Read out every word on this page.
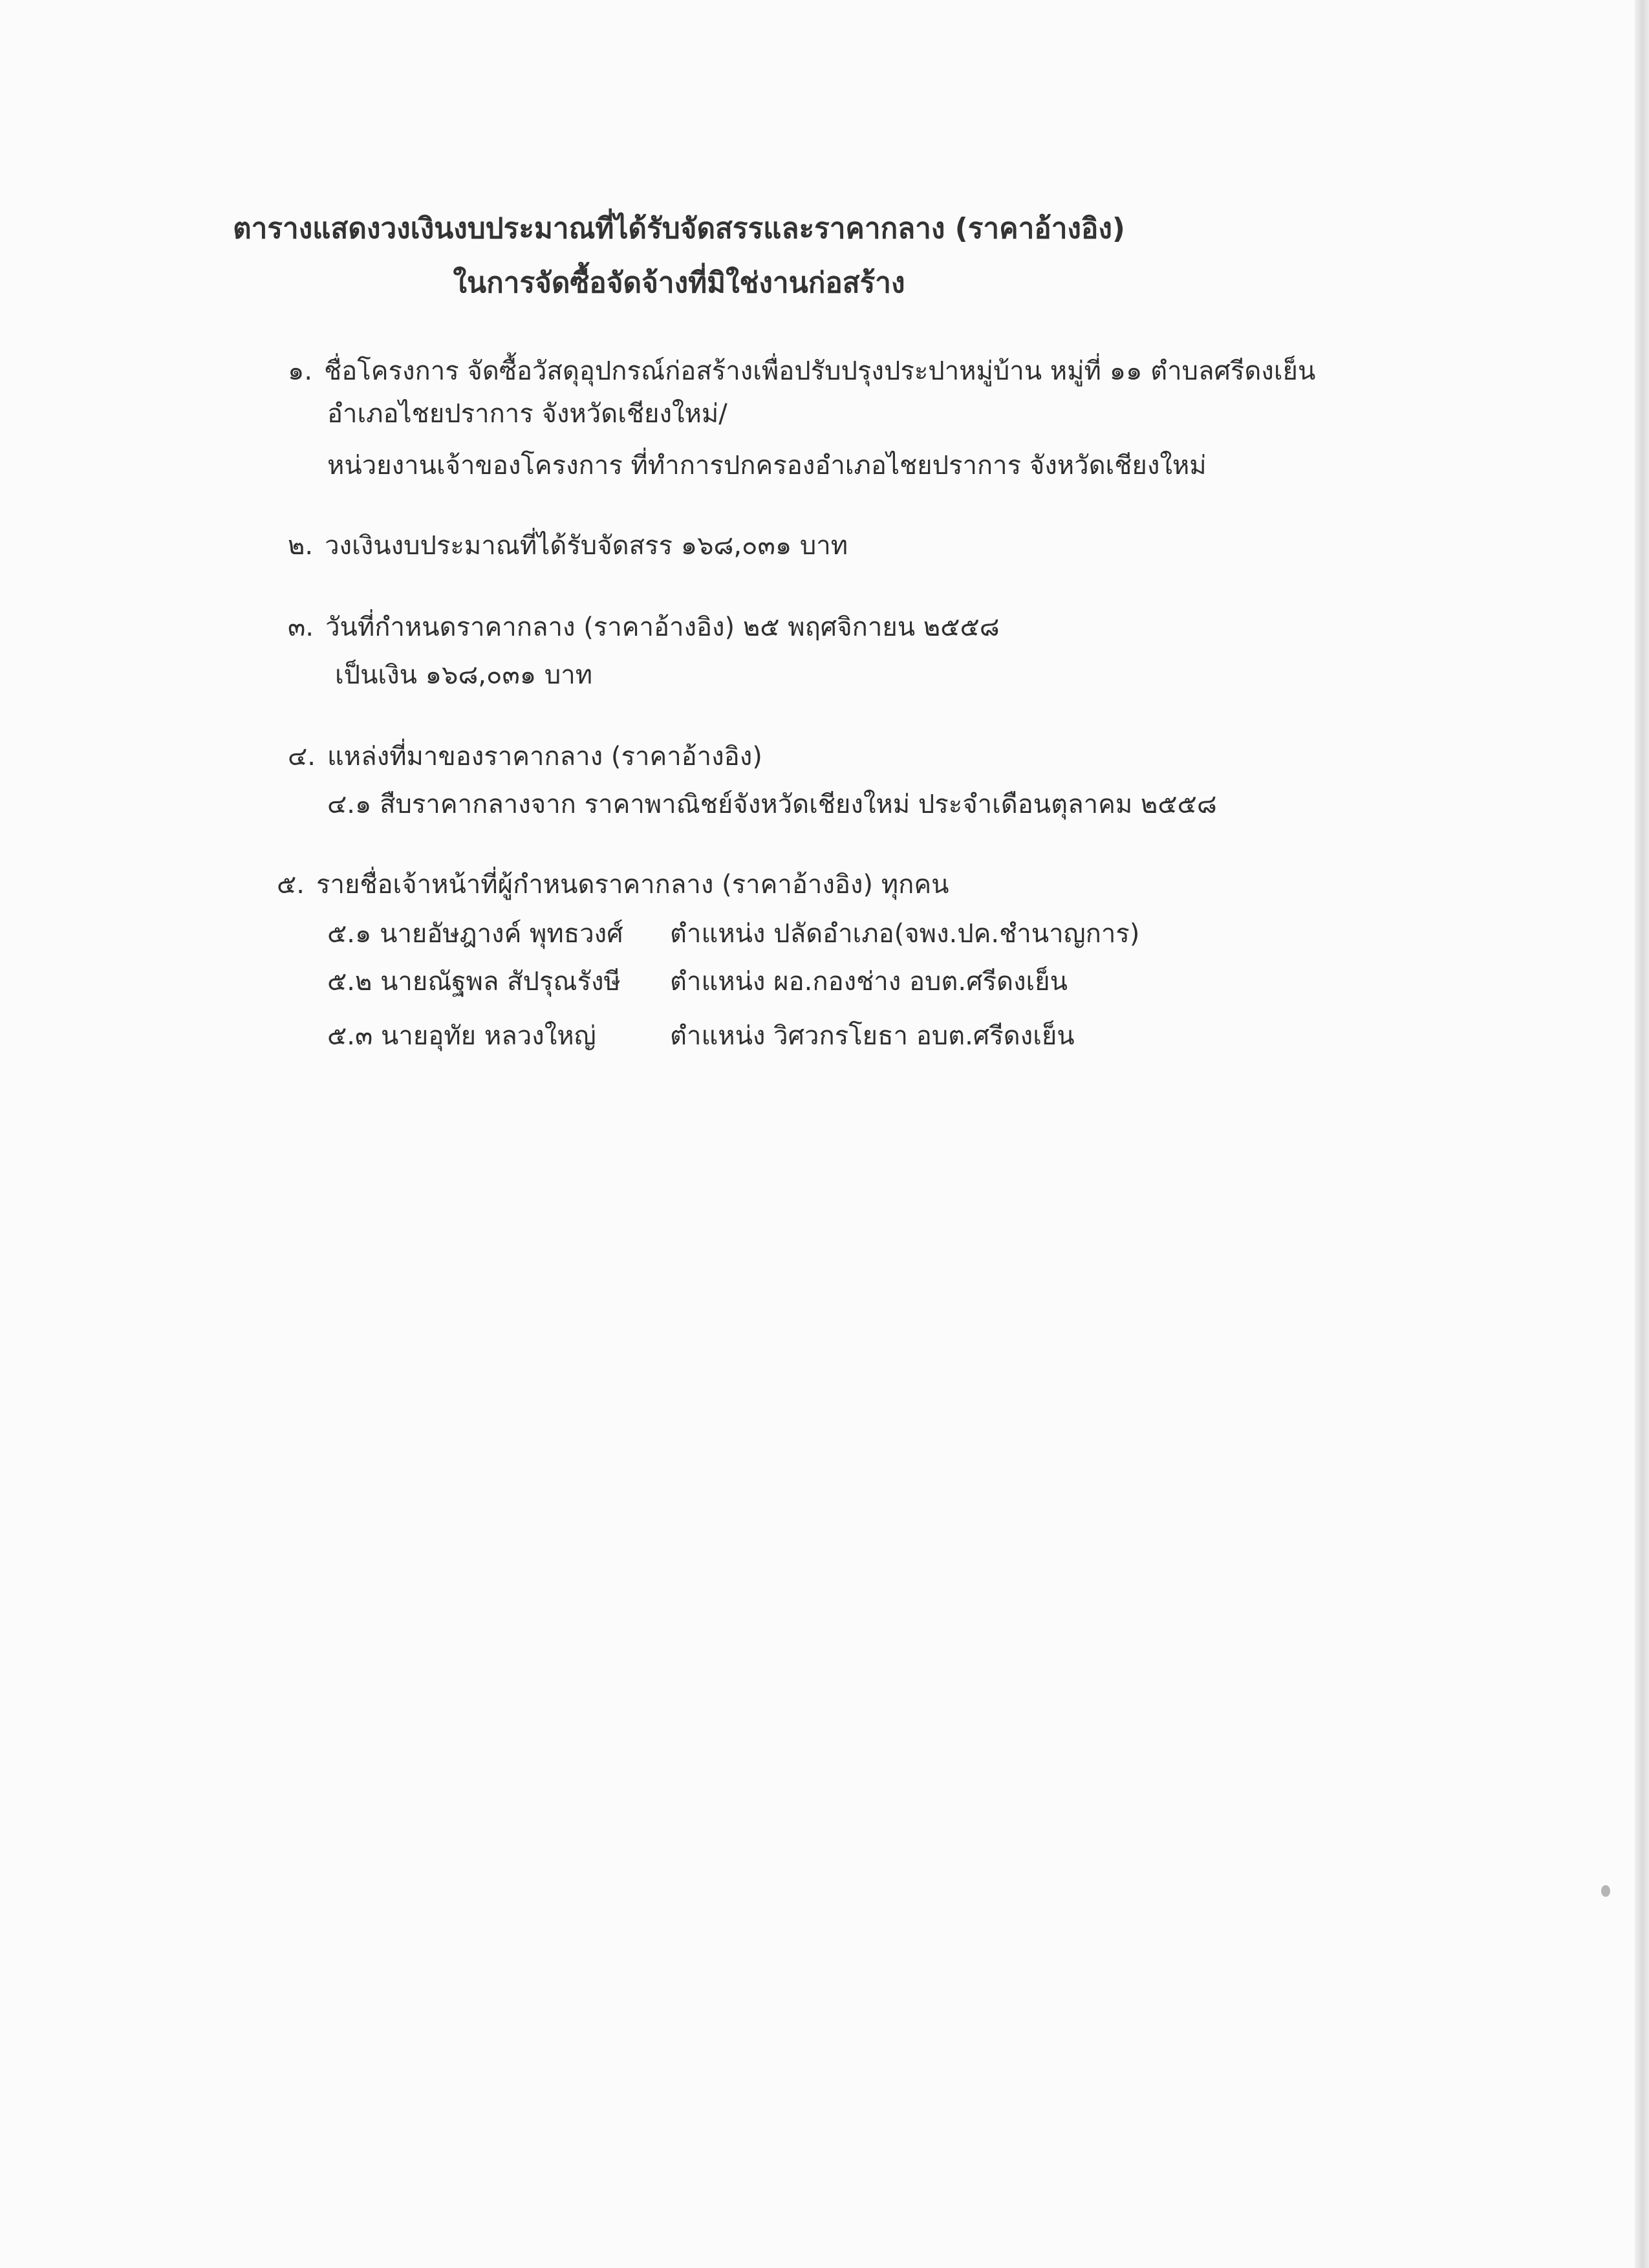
ตารางแสดงวงเงินงบประมาณที่ได้รับจัดสรรและราคากลาง (ราคาอ้างอิง)
ในการจัดซื้อจัดจ้างที่มิใช่งานก่อสร้าง
๑. ชื่อโครงการ จัดซื้อวัสดุอุปกรณ์ก่อสร้างเพื่อปรับปรุงประปาหมู่บ้าน หมู่ที่ ๑๑ ตำบลศรีดงเย็น
อำเภอไชยปราการ จังหวัดเชียงใหม่/
หน่วยงานเจ้าของโครงการ ที่ทำการปกครองอำเภอไชยปราการ จังหวัดเชียงใหม่
๒. วงเงินงบประมาณที่ได้รับจัดสรร ๑๖๘,๐๓๑ บาท
๓. วันที่กำหนดราคากลาง (ราคาอ้างอิง) ๒๕ พฤศจิกายน ๒๕๕๘
เป็นเงิน ๑๖๘,๐๓๑ บาท
๔. แหล่งที่มาของราคากลาง (ราคาอ้างอิง)
๔.๑ สืบราคากลางจาก ราคาพาณิชย์จังหวัดเชียงใหม่ ประจำเดือนตุลาคม ๒๕๕๘
๕. รายชื่อเจ้าหน้าที่ผู้กำหนดราคากลาง (ราคาอ้างอิง) ทุกคน
๕.๑ นายอัษฎางค์ พุทธวงศ์ ตำแหน่ง ปลัดอำเภอ(จพง.ปค.ชำนาญการ)
๕.๒ นายณัฐพล สัปรุณรังษี ตำแหน่ง ผอ.กองช่าง อบต.ศรีดงเย็น
๕.๓ นายอุทัย หลวงใหญ่	ตำแหน่ง วิศวกรโยธา อบต.ศรีดงเย็น
